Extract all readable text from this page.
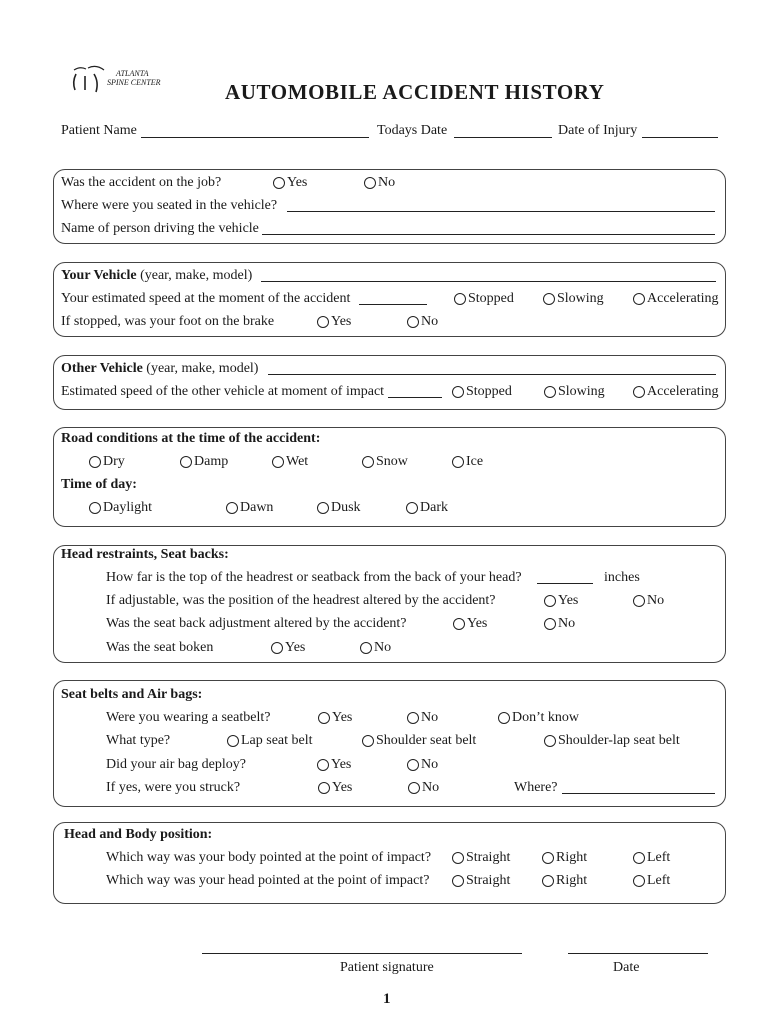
ATLANTA
SPINE CENTER	AUTOMOBILE ACCIDENT HISTORY
Patient Name	Todays Date	Date of Injury
Was the accident on the job?	Yes	No
Where were you seated in the vehicle?
Name of person driving the vehicle
Your Vehicle (year, make, model)
Your estimated speed at the moment of the accident	Stopped	Slowing	Accelerating
If stopped, was your foot on the brake	Yes	No
Other Vehicle (year, make, model)
Estimated speed of the other vehicle at moment of impact	Stopped	Slowing	Accelerating
Road conditions at the time of the accident:
Dry	Damp	Wet	Snow	Ice
Time of day:
Daylight	Dawn	Dusk	Dark
Head restraints, Seat backs:
How far is the top of the headrest or seatback from the back of your head?	inches
If adjustable, was the position of the headrest altered by the accident?	Yes	No
Was the seat back adjustment altered by the accident?	Yes	No
Was the seat boken	Yes	No
Seat belts and Air bags:
Were you wearing a seatbelt?	Yes	No	Don’t know
What type?	Lap seat belt	Shoulder seat belt	Shoulder-lap seat belt
Did your air bag deploy?	Yes	No
If yes, were you struck?	Yes	No	Where?
Head and Body position:
Which way was your body pointed at the point of impact? Straight	Right	Left
Which way was your head pointed at the point of impact?	Straight	Right	Left
Patient signature	Date
1
